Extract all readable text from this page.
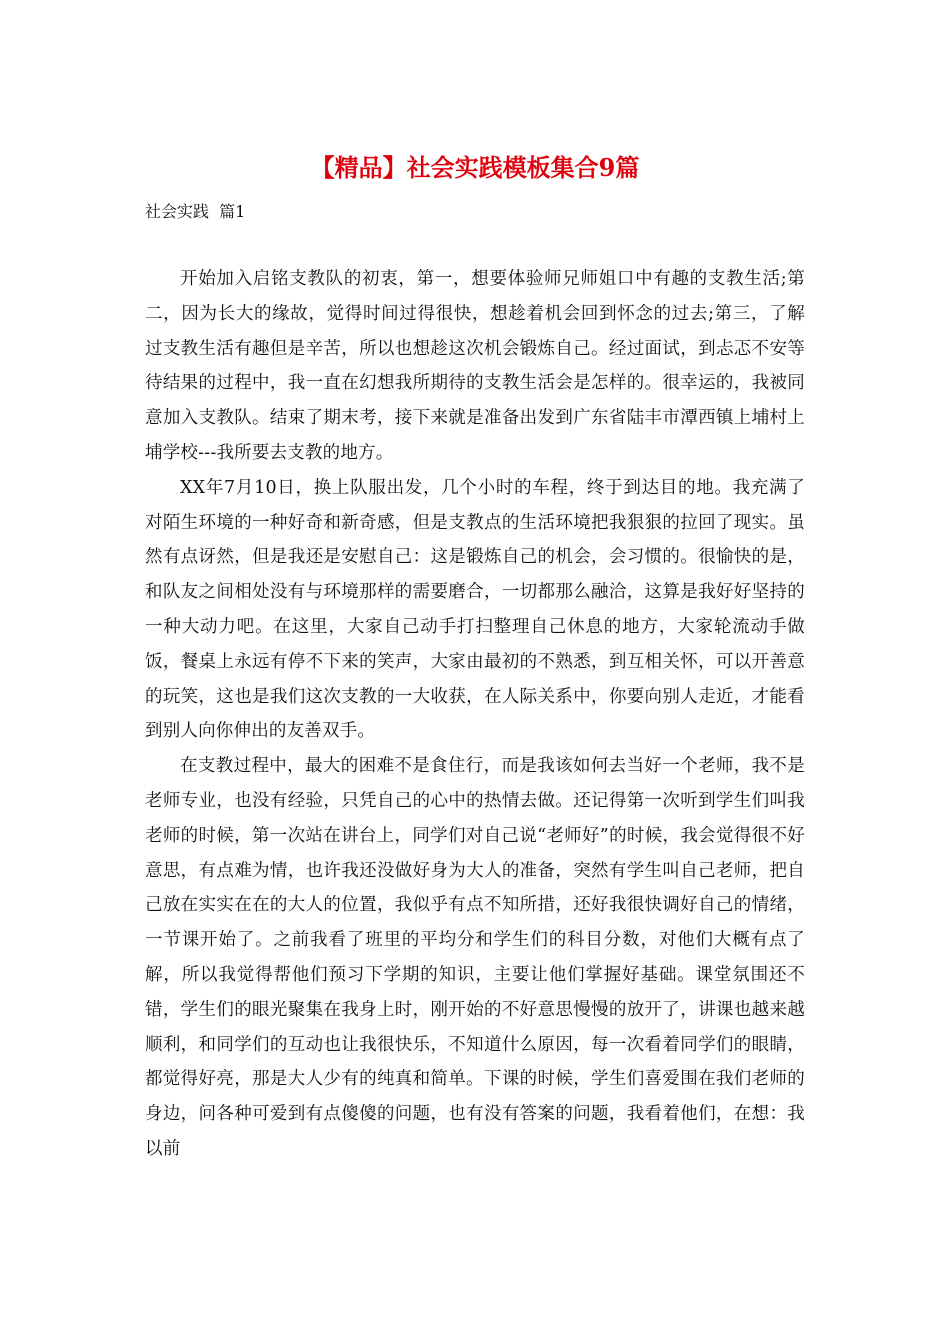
【精品】社会实践模板集合9篇
社会实践  篇1

开始加入启铭支教队的初衷，第一，想要体验师兄师姐口中有趣的支教生活;第二，因为长大的缘故，觉得时间过得很快，想趁着机会回到怀念的过去;第三，了解过支教生活有趣但是辛苦，所以也想趁这次机会锻炼自己。经过面试，到忐忑不安等待结果的过程中，我一直在幻想我所期待的支教生活会是怎样的。很幸运的，我被同意加入支教队。结束了期末考，接下来就是准备出发到广东省陆丰市潭西镇上埔村上埔学校---我所要去支教的地方。

XX年7月10日，换上队服出发，几个小时的车程，终于到达目的地。我充满了对陌生环境的一种好奇和新奇感，但是支教点的生活环境把我狠狠的拉回了现实。虽然有点讶然，但是我还是安慰自己：这是锻炼自己的机会，会习惯的。很愉快的是，和队友之间相处没有与环境那样的需要磨合，一切都那么融洽，这算是我好好坚持的一种大动力吧。在这里，大家自己动手打扫整理自己休息的地方，大家轮流动手做饭，餐桌上永远有停不下来的笑声，大家由最初的不熟悉，到互相关怀，可以开善意的玩笑，这也是我们这次支教的一大收获，在人际关系中，你要向别人走近，才能看到别人向你伸出的友善双手。

在支教过程中，最大的困难不是食住行，而是我该如何去当好一个老师，我不是老师专业，也没有经验，只凭自己的心中的热情去做。还记得第一次听到学生们叫我老师的时候，第一次站在讲台上，同学们对自己说“老师好”的时候，我会觉得很不好意思，有点难为情，也许我还没做好身为大人的准备，突然有学生叫自己老师，把自己放在实实在在的大人的位置，我似乎有点不知所措，还好我很快调好自己的情绪，一节课开始了。之前我看了班里的平均分和学生们的科目分数，对他们大概有点了解，所以我觉得帮他们预习下学期的知识，主要让他们掌握好基础。课堂氛围还不错，学生们的眼光聚集在我身上时，刚开始的不好意思慢慢的放开了，讲课也越来越顺利，和同学们的互动也让我很快乐，不知道什么原因，每一次看着同学们的眼睛，都觉得好亮，那是大人少有的纯真和简单。下课的时候，学生们喜爱围在我们老师的身边，问各种可爱到有点傻傻的问题，也有没有答案的问题，我看着他们，在想：我以前
